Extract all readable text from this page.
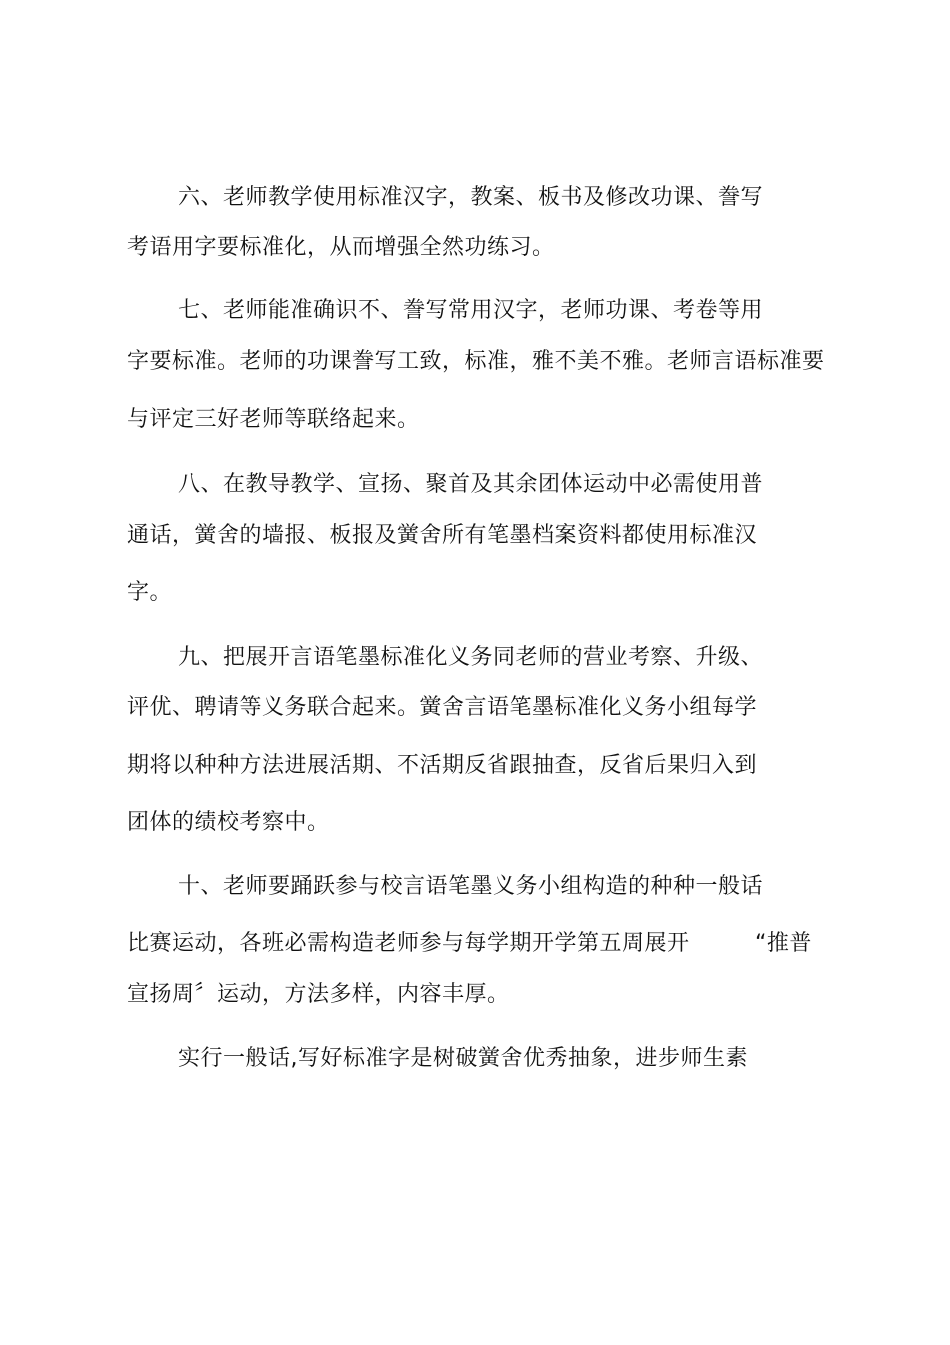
六、老师教学使用标准汉字，教案、板书及修改功课、誊写
考语用字要标准化，从而增强全然功练习。
七、老师能准确识不、誊写常用汉字，老师功课、考卷等用
字要标准。老师的功课誊写工致，标准，雅不美不雅。老师言语标准要
与评定三好老师等联络起来。
八、在教导教学、宣扬、聚首及其余团体运动中必需使用普
通话，黉舍的墙报、板报及黉舍所有笔墨档案资料都使用标准汉
字。
九、把展开言语笔墨标准化义务同老师的营业考察、升级、
评优、聘请等义务联合起来。黉舍言语笔墨标准化义务小组每学
期将以种种方法进展活期、不活期反省跟抽查，反省后果归入到
团体的绩校考察中。
十、老师要踊跃参与校言语笔墨义务小组构造的种种一般话
比赛运动，各班必需构造老师参与每学期开学第五周展开	“推普
宣扬周〞运动，方法多样，内容丰厚。
实行一般话,写好标准字是树破黉舍优秀抽象，进步师生素
